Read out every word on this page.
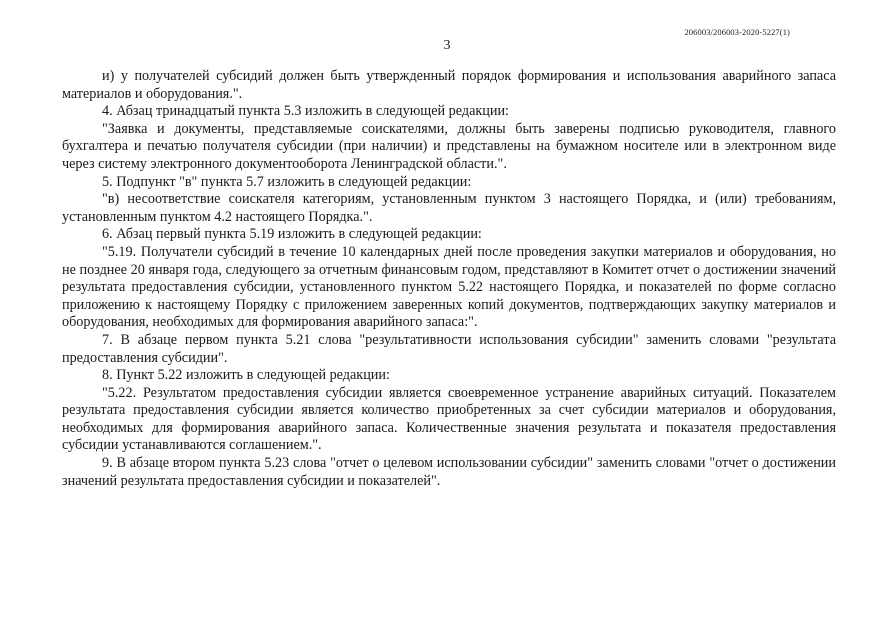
206003/206003-2020-5227(1)
3

и) у получателей субсидий должен быть утвержденный порядок формирования и использования аварийного запаса материалов и оборудования.".

4. Абзац тринадцатый пункта 5.3 изложить в следующей редакции:

"Заявка и документы, представляемые соискателями, должны быть заверены подписью руководителя, главного бухгалтера и печатью получателя субсидии (при наличии) и представлены на бумажном носителе или в электронном виде через систему электронного документооборота Ленинградской области.".

5. Подпункт "в" пункта 5.7 изложить в следующей редакции:

"в) несоответствие соискателя категориям, установленным пунктом 3 настоящего Порядка, и (или) требованиям, установленным пунктом 4.2 настоящего Порядка.".

6. Абзац первый пункта 5.19 изложить в следующей редакции:

"5.19. Получатели субсидий в течение 10 календарных дней после проведения закупки материалов и оборудования, но не позднее 20 января года, следующего за отчетным финансовым годом, представляют в Комитет отчет о достижении значений результата предоставления субсидии, установленного пунктом 5.22 настоящего Порядка, и показателей по форме согласно приложению к настоящему Порядку с приложением заверенных копий документов, подтверждающих закупку материалов и оборудования, необходимых для формирования аварийного запаса:".

7. В абзаце первом пункта 5.21 слова "результативности использования субсидии" заменить словами "результата предоставления субсидии".

8. Пункт 5.22 изложить в следующей редакции:

"5.22. Результатом предоставления субсидии является своевременное устранение аварийных ситуаций. Показателем результата предоставления субсидии является количество приобретенных за счет субсидии материалов и оборудования, необходимых для формирования аварийного запаса. Количественные значения результата и показателя предоставления субсидии устанавливаются соглашением.".

9. В абзаце втором пункта 5.23 слова "отчет о целевом использовании субсидии" заменить словами "отчет о достижении значений результата предоставления субсидии и показателей".
